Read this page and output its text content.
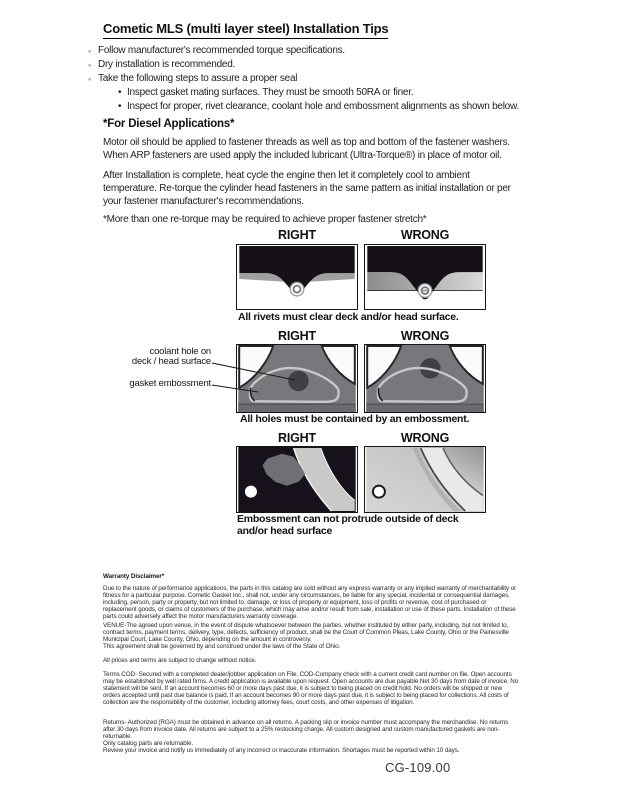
Cometic MLS (multi layer steel) Installation Tips
◦ Follow manufacturer's recommended torque specifications.
◦ Dry installation is recommended.
◦ Take the following steps to assure a proper seal
• Inspect gasket mating surfaces. They must be smooth 50RA or finer.
• Inspect for proper, rivet clearance, coolant hole and embossment alignments as shown below.
*For Diesel Applications*
Motor oil should be applied to fastener threads as well as top and bottom of the fastener washers. When ARP fasteners are used apply the included lubricant (Ultra-Torque®) in place of motor oil.
After Installation is complete, heat cycle the engine then let it completely cool to ambient temperature. Re-torque the cylinder head fasteners in the same pattern as initial installation or per your fastener manufacturer's recommendations.
*More than one re-torque may be required to achieve proper fastener stretch*
RIGHT	WRONG
All rivets must clear deck and/or head surface.
RIGHT	WRONG
coolant hole on
deck / head surface
gasket embossment
All holes must be contained by an embossment.
RIGHT	WRONG
Embossment can not protrude outside of deck
and/or head surface
Warranty Disclaimer*
Due to the nature of performance applications, the parts in this catalog are sold without any express warranty or any implied warranty of merchantability or fitness for a particular purpose. Cometic Gasket Inc., shall not, under any circumstances, be liable for any special, incidental or consequential damages, including, person, party or property, but not limited to, damage, or loss of property or equipment, loss of profits or revenue, cost of purchased or replacement goods, or claims of customers of the purchase, which may arise and/or result from sale, installation or use of these parts. Installation of these parts could adversely affect the motor manufacturers warranty coverage.
VENUE-The agreed upon venue, in the event of dispute whatsoever between the parties, whether instituted by either party, including, but not limited to, contract terms, payment terms, delivery, type, defects, sufficiency of product, shall be the Court of Common Pleas, Lake County, Ohio or the Painesville Municipal Court, Lake County, Ohio, depending on the amount in controversy.
This agreement shall be governed by and construed under the laws of the State of Ohio.
All prices and terms are subject to change without notice.
Terms COD- Secured with a completed dealer/jobber application on File, COD-Company check with a current credit card number on file. Open accounts may be established by well rated firms. A credit application is available upon request. Open accounts are due payable Net 30 days from date of invoice. No statement will be sent. If an account becomes 60 or more days past due, it is subject to being placed on credit hold. No orders will be shipped or new orders accepted until past due balance is paid. If an account becomes 90 or more days past due, it is subject to being placed for collections. All costs of collection are the responsibility of the customer, including attorney fees, court costs, and other expenses of litigation.
Returns- Authorized (RGA) must be obtained in advance on all returns. A packing slip or invoice number must accompany the merchandise. No returns after 30 days from invoice date. All returns are subject to a 25% restocking charge. All custom designed and custom manufactured gaskets are non-returnable.
Only catalog parts are returnable.
Review your invoice and notify us immediately of any incorrect or inaccurate information. Shortages must be reported within 10 days.
CG-109.00
